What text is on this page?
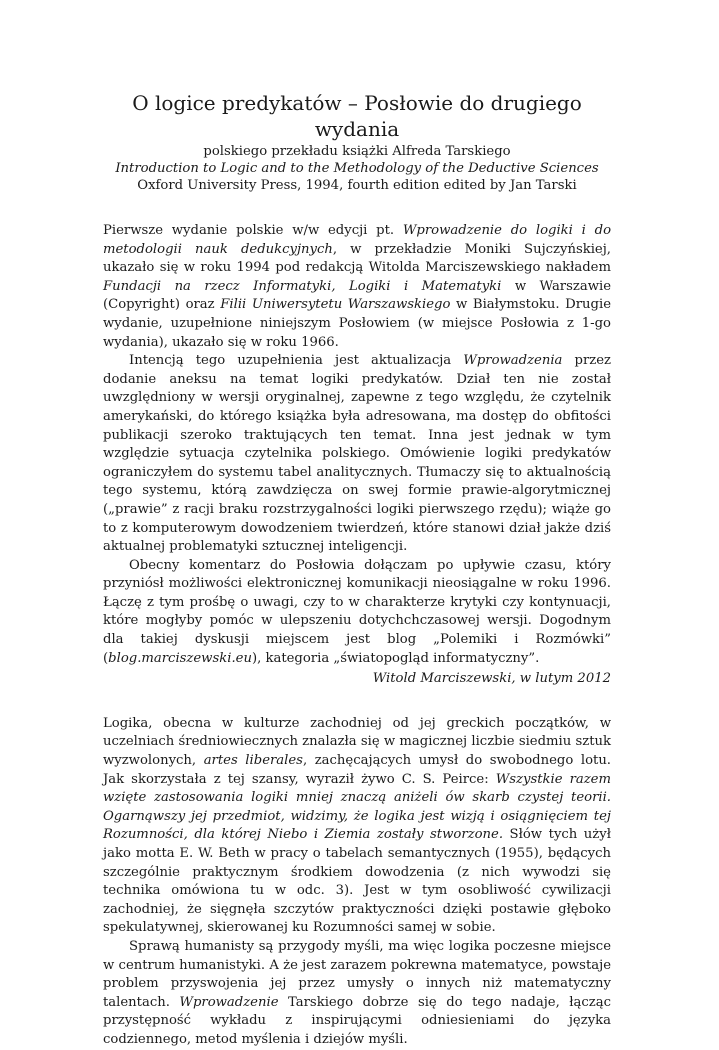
O logice predykatów – Posłowie do drugiego wydania
polskiego przekładu książki Alfreda Tarskiego
Introduction to Logic and to the Methodology of the Deductive Sciences
Oxford University Press, 1994, fourth edition edited by Jan Tarski

Pierwsze wydanie polskie w/w edycji pt. Wprowadzenie do logiki i do metodologii nauk dedukcyjnych, w przekładzie Moniki Sujczyńskiej, ukazało się w roku 1994 pod redakcją Witolda Marciszewskiego nakładem Fundacji na rzecz Informatyki, Logiki i Matematyki w Warszawie (Copyright) oraz Filii Uniwersytetu Warszawskiego w Białymstoku. Drugie wydanie, uzupełnione niniejszym Posłowiem (w miejsce Posłowia z 1-go wydania), ukazało się w roku 1966.

Intencją tego uzupełnienia jest aktualizacja Wprowadzenia przez dodanie aneksu na temat logiki predykatów. Dział ten nie został uwzględniony w wersji oryginalnej, zapewne z tego względu, że czytelnik amerykański, do którego książka była adresowana, ma dostęp do obfitości publikacji szeroko traktujących ten temat. Inna jest jednak w tym względzie sytuacja czytelnika polskiego. Omówienie logiki predykatów ograniczyłem do systemu tabel analitycznych. Tłumaczy się to aktualnością tego systemu, którą zawdzięcza on swej formie prawie-algorytmicznej („prawie” z racji braku rozstrzygalności logiki pierwszego rzędu); wiąże go to z komputerowym dowodzeniem twierdzeń, które stanowi dział jakże dziś aktualnej problematyki sztucznej inteligencji.

Obecny komentarz do Posłowia dołączam po upływie czasu, który przyniósł możliwości elektronicznej komunikacji nieosiągalne w roku 1996. Łączę z tym prośbę o uwagi, czy to w charakterze krytyki czy kontynuacji, które mogłyby pomóc w ulepszeniu dotychchczasowej wersji. Dogodnym dla takiej dyskusji miejscem jest blog „Polemiki i Rozmówki” (blog.marciszewski.eu), kategoria „światopogląd informatyczny”.

Witold Marciszewski, w lutym 2012

Logika, obecna w kulturze zachodniej od jej greckich początków, w uczelniach średniowiecznych znalazła się w magicznej liczbie siedmiu sztuk wyzwolonych, artes liberales, zachęcających umysł do swobodnego lotu. Jak skorzystała z tej szansy, wyraził żywo C. S. Peirce: Wszystkie razem wzięte zastosowania logiki mniej znaczą aniżeli ów skarb czystej teorii. Ogarnąwszy jej przedmiot, widzimy, że logika jest wizją i osiągnięciem tej Rozumności, dla której Niebo i Ziemia zostały stworzone. Słów tych użył jako motta E. W. Beth w pracy o tabelach semantycznych (1955), będących szczególnie praktycznym środkiem dowodzenia (z nich wywodzi się technika omówiona tu w odc. 3). Jest w tym osobliwość cywilizacji zachodniej, że sięgnęła szczytów praktyczności dzięki postawie głęboko spekulatywnej, skierowanej ku Rozumności samej w sobie.

Sprawą humanisty są przygody myśli, ma więc logika poczesne miejsce w centrum humanistyki. A że jest zarazem pokrewna matematyce, powstaje problem przyswojenia jej przez umysły o innych niż matematyczny talentach. Wprowadzenie Tarskiego dobrze się do tego nadaje, łącząc przystępność wykładu z inspirującymi odniesieniami do języka codziennego, metod myślenia i dziejów myśli.
